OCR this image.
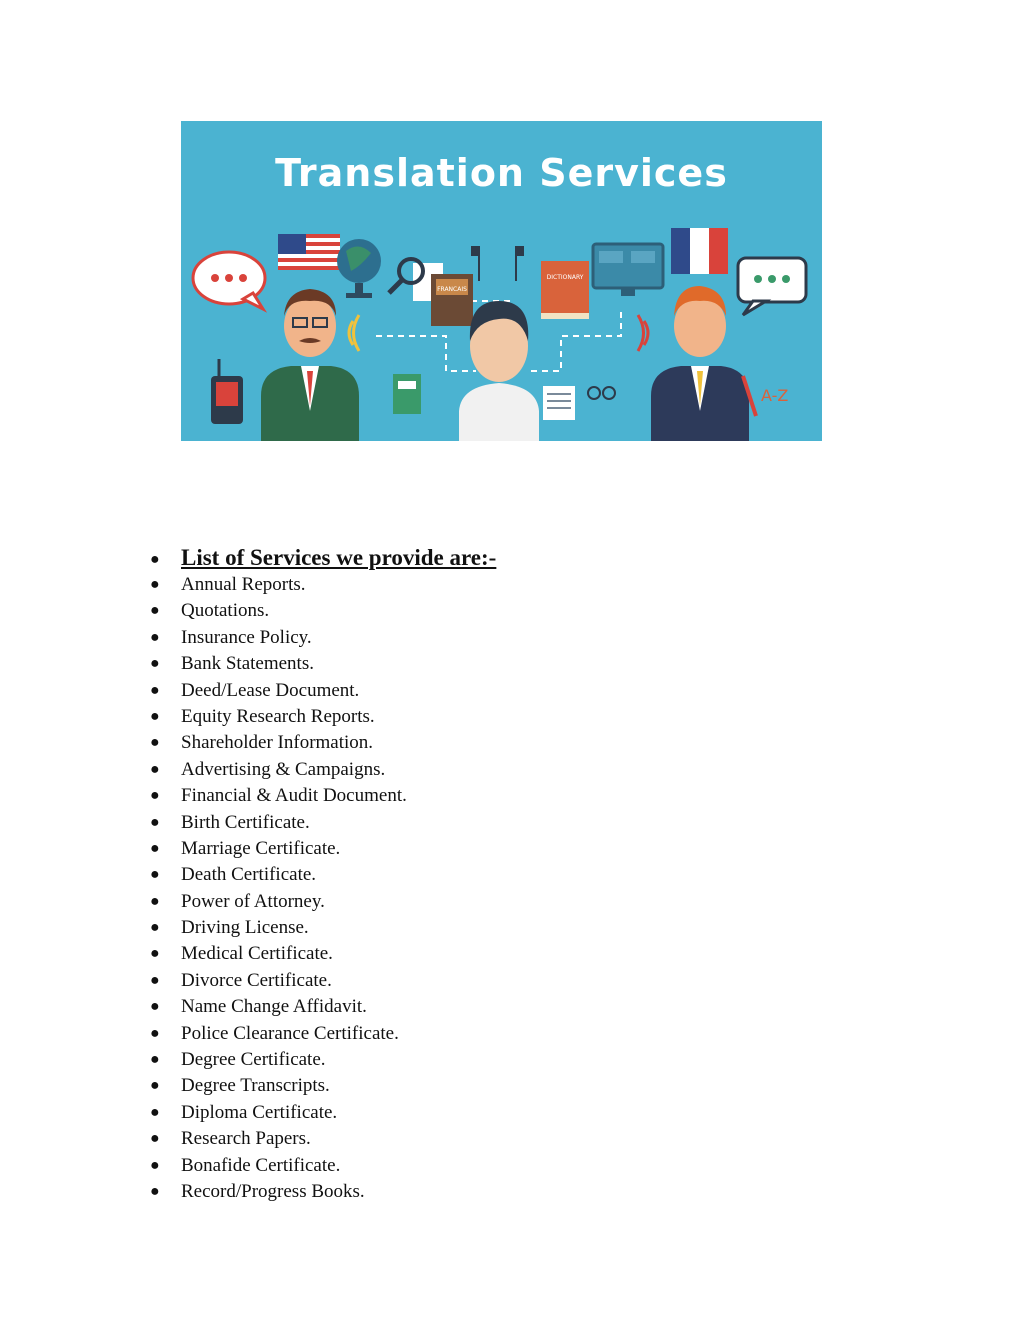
FRANCAIS
DICTIONARY
A-Z
Translation Services
● List of Services we provide are:-
● Annual Reports.
● Quotations.
● Insurance Policy.
● Bank Statements.
● Deed/Lease Document.
● Equity Research Reports.
● Shareholder Information.
● Advertising & Campaigns.
● Financial & Audit Document.
● Birth Certificate.
● Marriage Certificate.
● Death Certificate.
● Power of Attorney.
● Driving License.
● Medical Certificate.
● Divorce Certificate.
● Name Change Affidavit.
● Police Clearance Certificate.
● Degree Certificate.
● Degree Transcripts.
● Diploma Certificate.
● Research Papers.
● Bonafide Certificate.
● Record/Progress Books.
